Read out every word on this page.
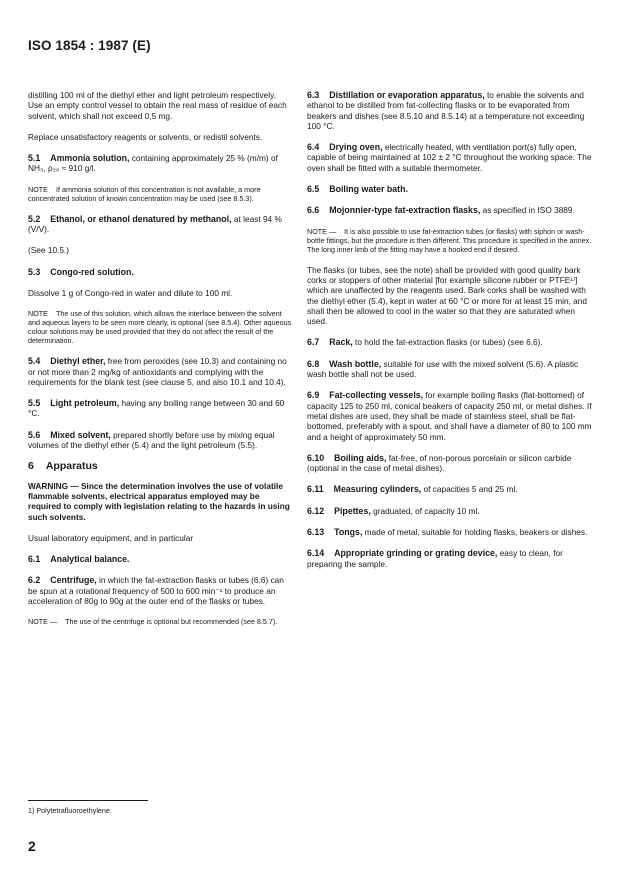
ISO 1854 : 1987 (E)

distilling 100 ml of the diethyl ether and light petroleum respectively. Use an empty control vessel to obtain the real mass of residue of each solvent, which shall not exceed 0,5 mg.

Replace unsatisfactory reagents or solvents, or redistil solvents.

5.1 Ammonia solution, containing approximately 25 % (m/m) of NH₃, ρ₂₀ ≈ 910 g/l.

NOTE If ammonia solution of this concentration is not available, a more concentrated solution of known concentration may be used (see 8.5.3).

5.2 Ethanol, or ethanol denatured by methanol, at least 94 % (V/V).

(See 10.5.)

5.3 Congo-red solution.

Dissolve 1 g of Congo-red in water and dilute to 100 ml.

NOTE The use of this solution, which allows the interface between the solvent and aqueous layers to be seen more clearly, is optional (see 8.5.4). Other aqueous colour solutions may be used provided that they do not affect the result of the determination.

5.4 Diethyl ether, free from peroxides (see 10.3) and containing no or not more than 2 mg/kg of antioxidants and complying with the requirements for the blank test (see clause 5, and also 10.1 and 10.4).

5.5 Light petroleum, having any boiling range between 30 and 60 °C.

5.6 Mixed solvent, prepared shortly before use by mixing equal volumes of the diethyl ether (5.4) and the light petroleum (5.5).

6 Apparatus

WARNING — Since the determination involves the use of volatile flammable solvents, electrical apparatus employed may be required to comply with legislation relating to the hazards in using such solvents.

Usual laboratory equipment, and in particular

6.1 Analytical balance.

6.2 Centrifuge, in which the fat-extraction flasks or tubes (6.6) can be spun at a rotational frequency of 500 to 600 min⁻¹ to produce an acceleration of 80g to 90g at the outer end of the flasks or tubes.

NOTE — The use of the centrifuge is optional but recommended (see 8.5.7).

6.3 Distillation or evaporation apparatus, to enable the solvents and ethanol to be distilled from fat-collecting flasks or to be evaporated from beakers and dishes (see 8.5.10 and 8.5.14) at a temperature not exceeding 100 °C.

6.4 Drying oven, electrically heated, with ventilation port(s) fully open, capable of being maintained at 102 ± 2 °C throughout the working space. The oven shall be fitted with a suitable thermometer.

6.5 Boiling water bath.

6.6 Mojonnier-type fat-extraction flasks, as specified in ISO 3889.

NOTE — It is also possible to use fat-extraction tubes (or flasks) with siphon or wash-bottle fittings, but the procedure is then different. This procedure is specified in the annex. The long inner limb of the fitting may have a hooked end if desired.

The flasks (or tubes, see the note) shall be provided with good quality bark corks or stoppers of other material [for example silicone rubber or PTFE¹⁾] which are unaffected by the reagents used. Bark corks shall be washed with the diethyl ether (5.4), kept in water at 60 °C or more for at least 15 min, and shall then be allowed to cool in the water so that they are saturated when used.

6.7 Rack, to hold the fat-extraction flasks (or tubes) (see 6.6).

6.8 Wash bottle, suitable for use with the mixed solvent (5.6). A plastic wash bottle shall not be used.

6.9 Fat-collecting vessels, for example boiling flasks (flat-bottomed) of capacity 125 to 250 ml, conical beakers of capacity 250 ml, or metal dishes. If metal dishes are used, they shall be made of stainless steel, shall be flat-bottomed, preferably with a spout, and shall have a diameter of 80 to 100 mm and a height of approximately 50 mm.

6.10 Boiling aids, fat-free, of non-porous porcelain or silicon carbide (optional in the case of metal dishes).

6.11 Measuring cylinders, of capacities 5 and 25 ml.

6.12 Pipettes, graduated, of capacity 10 ml.

6.13 Tongs, made of metal, suitable for holding flasks, beakers or dishes.

6.14 Appropriate grinding or grating device, easy to clean, for preparing the sample.

1) Polytetrafluoroethylene.
2
